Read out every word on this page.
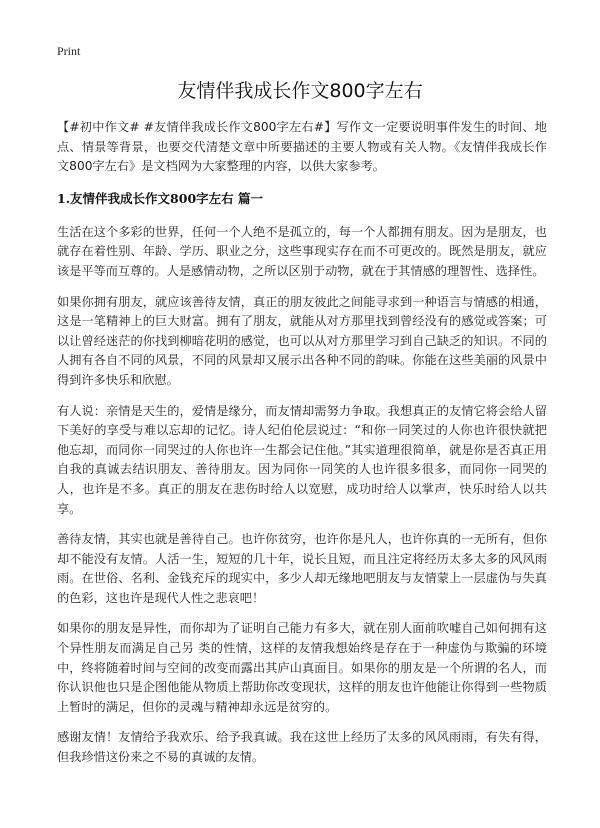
Print
友情伴我成长作文800字左右

【#初中作文# #友情伴我成长作文800字左右#】写作文一定要说明事件发生的时间、地点、情景等背景，也要交代清楚文章中所要描述的主要人物或有关人物。《友情伴我成长作文800字左右》是文档网为大家整理的内容，以供大家参考。

1.友情伴我成长作文800字左右 篇一

生活在这个多彩的世界，任何一个人绝不是孤立的，每一个人都拥有朋友。因为是朋友，也就存在着性别、年龄、学历、职业之分，这些事现实存在而不可更改的。既然是朋友，就应该是平等而互尊的。人是感情动物，之所以区别于动物，就在于其情感的理智性、选择性。

如果你拥有朋友，就应该善待友情，真正的朋友彼此之间能寻求到一种语言与情感的相通，这是一笔精神上的巨大财富。拥有了朋友，就能从对方那里找到曾经没有的感觉或答案；可以让曾经迷茫的你找到柳暗花明的感觉，也可以从对方那里学习到自己缺乏的知识。不同的人拥有各自不同的风景，不同的风景却又展示出各种不同的韵味。你能在这些美丽的风景中得到许多快乐和欣慰。

有人说：亲情是天生的，爱情是缘分，而友情却需努力争取。我想真正的友情它将会给人留下美好的享受与难以忘却的记忆。诗人纪伯伦层说过：“和你一同笑过的人你也许很快就把他忘却，而同你一同哭过的人你也许一生都会记住他。”其实道理很简单，就是你是否真正用自我的真诚去结识朋友、善待朋友。因为同你一同笑的人也许很多很多，而同你一同哭的人，也许是不多。真正的朋友在悲伤时给人以宽慰，成功时给人以掌声，快乐时给人以共享。

善待友情，其实也就是善待自己。也许你贫穷，也许你是凡人，也许你真的一无所有，但你却不能没有友情。人活一生，短短的几十年，说长且短，而且注定将经历太多太多的风风雨雨。在世俗、名利、金钱充斥的现实中，多少人却无缘地吧朋友与友情蒙上一层虚伪与失真的色彩，这也许是现代人性之悲哀吧！

如果你的朋友是异性，而你却为了证明自己能力有多大，就在别人面前吹嘘自己如何拥有这个异性朋友而满足自己另 类的性情，这样的友情我想始终是存在于一种虚伪与欺骗的环境中，终将随着时间与空间的改变而露出其庐山真面目。如果你的朋友是一个所谓的名人，而你认识他也只是企图他能从物质上帮助你改变现状，这样的朋友也许他能让你得到一些物质上暂时的满足，但你的灵魂与精神却永远是贫穷的。

感谢友情！友情给予我欢乐、给予我真诚。我在这世上经历了太多的风风雨雨，有失有得，但我珍惜这份来之不易的真诚的友情。
